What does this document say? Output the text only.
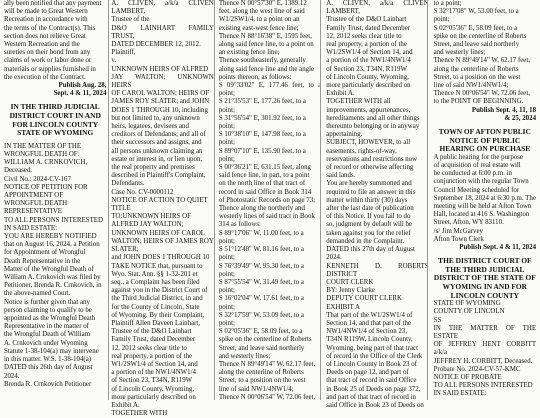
ally been notified that any payment

will be made to Great Western

Recreation in accordance with

the terms of the Contract(s). This

section does not relieve Great

Western Recreation and the

sureties on their bond from any

claims of work or labor done or

materials or supplies furnished in

the execution of the Contract.

Publish Aug. 28,

Sept. 4 & 11, 2024

IN THE THIRD JUDICIAL DISTRICT COURT IN AND FOR LINCOLN COUNTY STATE OF WYOMING

IN THE MATTER OF THE

WRONGFUL DEATH OF:

WILLIAM A. CRNKOVICH,

Deceased.

Civil No.: 2024-CV-167

NOTICE OF PETITION FOR

APPOINTMENT OF

WRONGFUL DEATH

REPRESENTATIVE

TO ALL PERSONS INTERESTED

IN SAID ESTATE:

YOU ARE HEREBY NOTIFIED

that on August 16, 2024, a Petition

for Appointment of Wrongful

Death Representative in the

Matter of the Wrongful Death of

William A. Crnkovich was filed by

Petitioner, Brenda R. Crnkovich, in

the above-named Court.

Notice is further given that any

person claiming to qualify to be

appointed as the Wrongful Death

Representative in the matter of

the Wrongful Death of William

A. Crnkovich under Wyoming

Statute 1-38-104(a) may intervene

in this matter. W.S. 1-38-104(a)

DATED this 26th day of August

2024.

Brenda R. Crnkovich Petitioner

A. CLIVEN, a/k/a CLIVEN LAMBERT,

Trustee of the

D&O LAINHART FAMILY TRUST,

DATED DECEMBER 12, 2012.

Plaintiff,

v.

UNKNOWN HEIRS OF ALFRED

JAY WALTON; UNKNOWN HEIRS

OF CAROL WALTON; HEIRS OF

JAMES ROY SLATER; and JOHN

DOES 1 THROUGH 10, including

but not limited to, any unknown

heirs, legatees, devisees and

creditors of Defendants; and all of

their successors and assigns, and

all persons unknown claiming an

estate or interest in, or lien upon,

the real property and premises

described in Plaintiff's Complaint,

Defendants.

Case No. CV-0000112

NOTICE OF ACTION TO QUIET

TITLE

TO:UNKNOWN HEIRS OF

ALFRED JAY WALTON;

UNKNOWN HEIRS OF CAROL

WALTON; HEIRS OF JAMES ROY SLATER;

and JOHN DOES 1 THROUGH 10

TAKE NOTICE that, pursuant to

Wyo. Stat. Ann. §§ 1-32-201 et

seq., a Complaint has been filed

against you in the District Court of

the Third Judicial District, in and

for the County of Lincoln, State

of Wyoming. By their Complaint,

Plaintiff Allen Daveen Lainhart,

Trustee of the D&O Lainhart

Family Trust, dated December

12, 2012 seeks clear title to

real property, a portion of the

W1/2SW1/4 of Section 14, and

a portion of the NW1/4NW1/4

of Section 23, T34N, R119W

of Lincoln County, Wyoming,

more particularly described on

Exhibit A.

TOGETHER WITH

Thence N 00°57'30" E, 1389.12

feet, along the west line of said

W1/2SW1/4, to a point on an

existing east-west fence line;

Thence N 88°16'38" E, 1595 feet,

along said fence line, to a point on

an existing fence line;

Thence southeasterly, generally

along said fence line and the angle

points thereon, as follows:

S 09°33'02" E, 177.46 feet, to a point;

S 21°35'53" E, 177.26 feet, to a

point;

S 31°56'54" E, 301.92 feet, to a

point;

S 10°38'10" E, 147.98 feet, to a

point;

S 89°07'10" E, 135.90 feet, to a

point;

S 00°36'21" E, 631.15 feet, along

said fence line, in part, to a point

on the north line of that tract of

record in said Office in Book 314

of Photostatic Records on page 73;

Thence along the northerly and

westerly lines of said tract in Book

314 as follows:

S 89°17'06" W, 11.00 feet, to a

point;

S 51°12'48" W, 81.16 feet, to a

point;

S 76°39'49" W, 95.30 feet, to a

point;

S 87°55'54" W, 31.49 feet, to a

point;

S 16°02'04" W, 17.61 feet, to a

point;

S 32°17'59" W, 53.09 feet, to a

point;

S 02°05'36" E, 58.09 feet, to a

spike on the centerline of Roberts

Street, and leave said northerly

and westerly lines;

Thence N 89°49'14" W, 62.17 feet,

along the centerline of Roberts

Street, to a position on the west

line of said NW1/4NW1/4;

Thence N 00°06'54" W, 72.06 feet,

A. CLIVEN, a/k/a CLIVEN LAMBERT,

Trustee of the D&O Lainhart

Family Trust, dated December

12, 2012 seeks clear title to

real property, a portion of the

W1/2SW1/4 of Section 14, and

a portion of the NW1/4NW1/4

of Section 23, T34N, R119W

of Lincoln County, Wyoming,

more particularly described on

Exhibit A.

TOGETHER WITH all

improvements, appurtenances,

hereditaments and all other things

thereunto belonging or in anyway

appertaining.

SUBJECT, HOWEVER, to all

easements, rights-of-way,

reservations and restrictions now

of record or otherwise affecting

said lands.

You are hereby summoned and

required to file an answer in this

matter within thirty (30) days

after the last date of publication

of this Notice. If you fail to do

so, judgment by default will be

taken against you for the relief

demanded in the Complaint.

DATED this 27th day of August

2024.

KENNETH D. ROBERTS DISTRICT

COURT CLERK

BY: Jenny Clarke

DEPUTY COURT CLERK

EXHIBIT A

That part of the W1/2SW1/4 of

Section 14, and that part of the

NW1/4NW1/4 of Section 23,

T34N R119W, Lincoln County,

Wyoming, being part of that tract

of record in the Office of the Clerk

of Lincoln County in Book 23 of

Deeds on page 12, and part of

that tract of record in said Office

in Book 25 of Deeds on page 372,

and part of that tract of record in

said Office in Book 23 of Deeds on

to a point;

S 32°17'08" W, 53.00 feet, to a

point;

S 02°05'36" E, 58.09 feet, to a

spike on the centerline of Roberts

Street, and leave said northerly

and westerly lines;

Thence N 89°49'14" W, 62.17 feet,

along the centerline of Roberts

Street, to a position on the west

line of said NW1/4NW1/4;

Thence N 00°06'54" W, 72.06 feet,

to the POINT OF BEGINNING.

Publish Sept. 4, 11, 18

& 25, 2024

TOWN OF AFTON PUBLIC NOTICE OF PUBLIC HEARING ON PURCHASE

A public hearing for the purpose

of acquisition of real estate will

be conducted at 6:00 p.m. in

conjunction with the regular Town

Council Meeting scheduled for

September 18, 2024 at 6:30 p.m. The

meeting will be held at Afton Town

Hall, located at 416 S. Washington

Street, Afton, WY 83110.

/s/ Jim McGarvey

Afton Town Clerk

Publish Sept. 4 & 11, 2024

THE DISTRICT COURT OF THE THIRD JUDICIAL DISTRICT OF THE STATE OF WYOMING IN AND FOR LINCOLN COUNTY

STATE OF WYOMING

COUNTY OF LINCOLN

SS

IN THE MATTER OF THE ESTATE

OF JEFFREY HENT CORBITT a/k/a

JEFFREY H. CORBITT, Deceased.

Probate No. 2024-CV-57-KMC

NOTICE OF PROBATE

TO ALL PERSONS INTERESTED

IN SAID ESTATE:
